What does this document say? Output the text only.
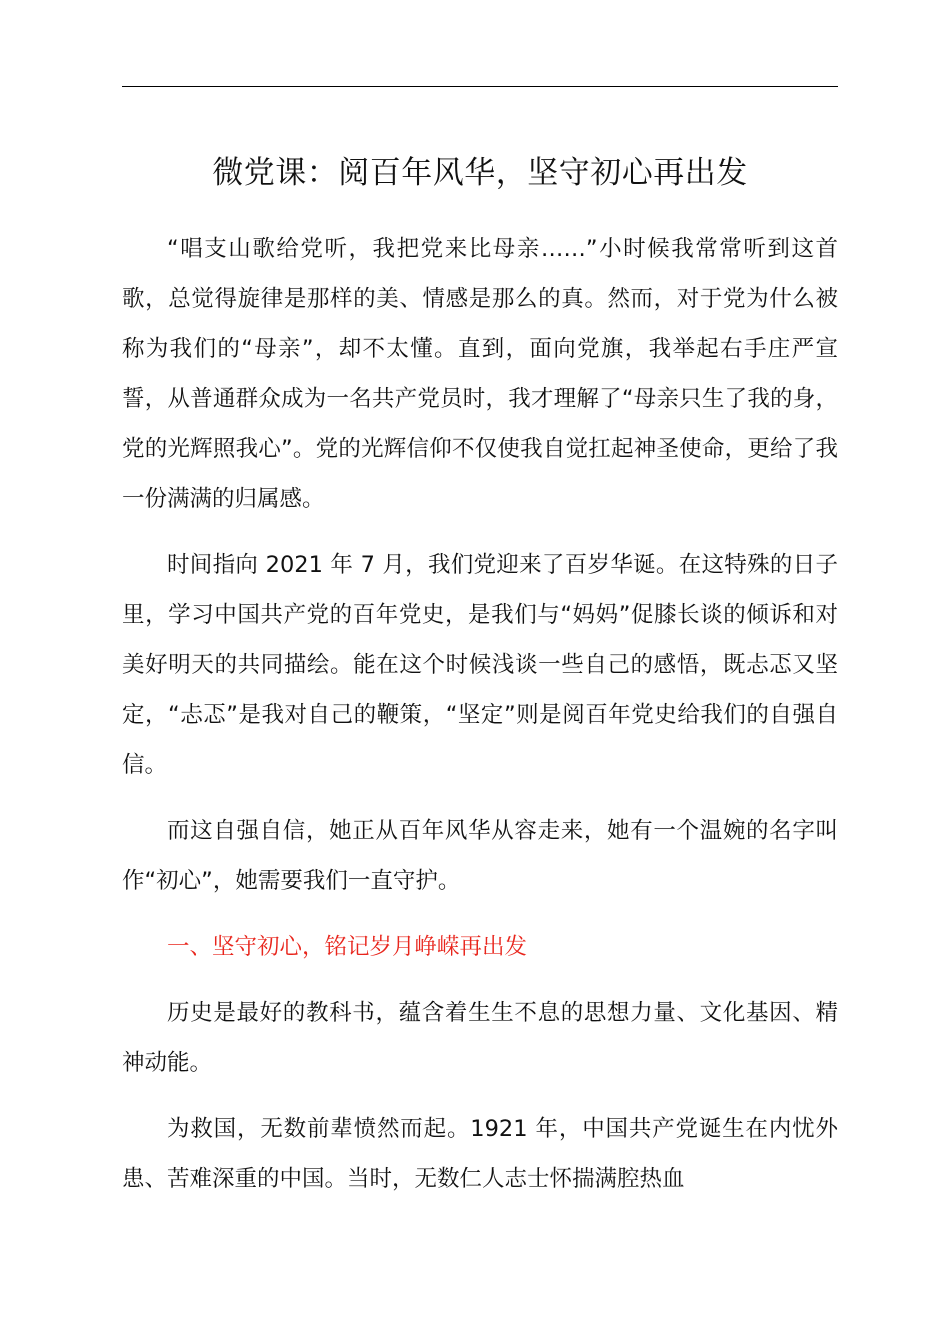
微党课：阅百年风华，坚守初心再出发

“唱支山歌给党听，我把党来比母亲……”小时候我常常听到这首歌，总觉得旋律是那样的美、情感是那么的真。然而，对于党为什么被称为我们的“母亲”，却不太懂。直到，面向党旗，我举起右手庄严宣誓，从普通群众成为一名共产党员时，我才理解了“母亲只生了我的身，党的光辉照我心”。党的光辉信仰不仅使我自觉扛起神圣使命，更给了我一份满满的归属感。

时间指向 2021 年 7 月，我们党迎来了百岁华诞。在这特殊的日子里，学习中国共产党的百年党史，是我们与“妈妈”促膝长谈的倾诉和对美好明天的共同描绘。能在这个时候浅谈一些自己的感悟，既忐忑又坚定，“忐忑”是我对自己的鞭策，“坚定”则是阅百年党史给我们的自强自信。

而这自强自信，她正从百年风华从容走来，她有一个温婉的名字叫作“初心”，她需要我们一直守护。

一、坚守初心，铭记岁月峥嵘再出发

历史是最好的教科书，蕴含着生生不息的思想力量、文化基因、精神动能。

为救国，无数前辈愤然而起。1921 年，中国共产党诞生在内忧外患、苦难深重的中国。当时，无数仁人志士怀揣满腔热血
